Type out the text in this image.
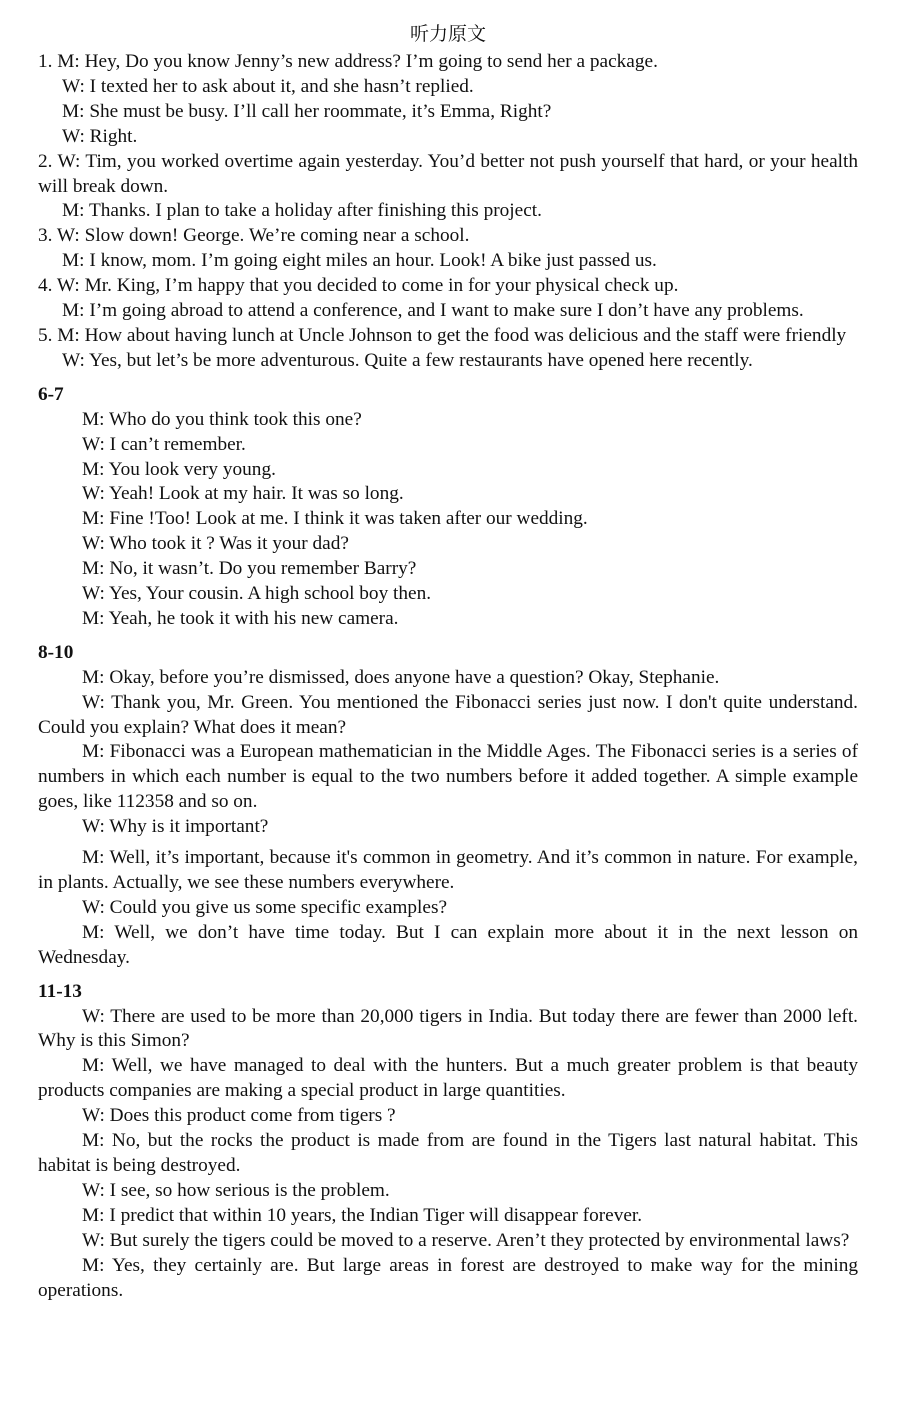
听力原文

1. M: Hey, Do you know Jenny’s new address? I’m going to send her a package.

W: I texted her to ask about it, and she hasn’t replied.

M: She must be busy. I’ll call her roommate, it’s Emma, Right?

W: Right.

2. W: Tim, you worked overtime again yesterday. You’d better not push yourself that hard, or your health will break down.

M: Thanks. I plan to take a holiday after finishing this project.

3. W: Slow down! George. We’re coming near a school.

M: I know, mom. I’m going eight miles an hour. Look! A bike just passed us.

4. W: Mr. King, I’m happy that you decided to come in for your physical check up.

M: I’m going abroad to attend a conference, and I want to make sure I don’t have any problems.

5. M: How about having lunch at Uncle Johnson to get the food was delicious and the staff were friendly

W: Yes, but let’s be more adventurous. Quite a few restaurants have opened here recently.

6-7

M: Who do you think took this one?

W: I can’t remember.

M: You look very young.

W: Yeah! Look at my hair. It was so long.

M: Fine !Too! Look at me. I think it was taken after our wedding.

W: Who took it ? Was it your dad?

M: No, it wasn’t. Do you remember Barry?

W: Yes, Your cousin. A high school boy then.

M: Yeah, he took it with his new camera.

8-10

M: Okay, before you’re dismissed, does anyone have a question? Okay, Stephanie.

W: Thank you, Mr. Green. You mentioned the Fibonacci series just now. I don't quite understand. Could you explain? What does it mean?

M: Fibonacci was a European mathematician in the Middle Ages. The Fibonacci series is a series of numbers in which each number is equal to the two numbers before it added together. A simple example goes, like 112358 and so on.

W: Why is it important?

M: Well, it’s important, because it's common in geometry. And it’s common in nature. For example, in plants. Actually, we see these numbers everywhere.

W: Could you give us some specific examples?

M: Well, we don’t have time today. But I can explain more about it in the next lesson on Wednesday.

11-13

W: There are used to be more than 20,000 tigers in India. But today there are fewer than 2000 left. Why is this Simon?

M: Well, we have managed to deal with the hunters. But a much greater problem is that beauty products companies are making a special product in large quantities.

W: Does this product come from tigers ?

M: No, but the rocks the product is made from are found in the Tigers last natural habitat. This habitat is being destroyed.

W: I see, so how serious is the problem.

M: I predict that within 10 years, the Indian Tiger will disappear forever.

W: But surely the tigers could be moved to a reserve. Aren’t they protected by environmental laws?

M: Yes, they certainly are. But large areas in forest are destroyed to make way for the mining operations.
